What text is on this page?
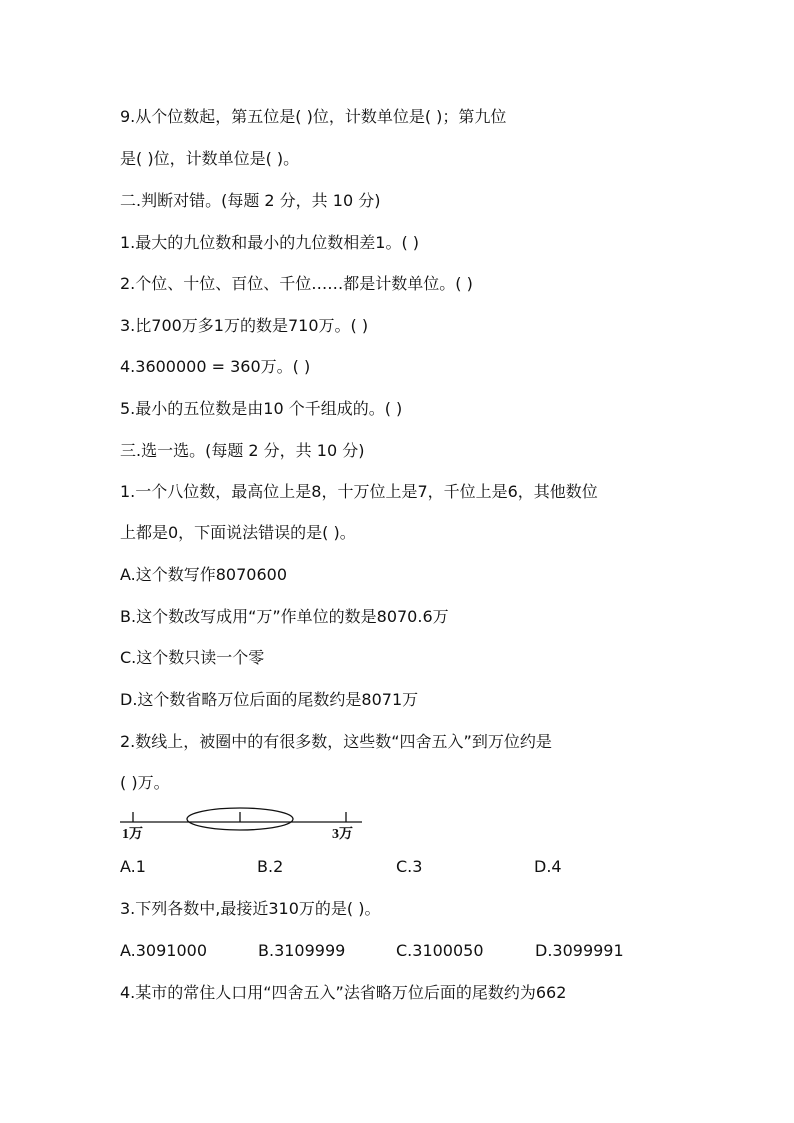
9.从个位数起，第五位是( )位，计数单位是( )；第九位
是( )位，计数单位是( )。
二.判断对错。(每题 2 分，共 10 分)
1.最大的九位数和最小的九位数相差1。( )
2.个位、十位、百位、千位……都是计数单位。( )
3.比700万多1万的数是710万。( )
4.3600000 = 360万。( )
5.最小的五位数是由10 个千组成的。( )
三.选一选。(每题 2 分，共 10 分)
1.一个八位数，最高位上是8，十万位上是7，千位上是6，其他数位
上都是0，下面说法错误的是( )。
A.这个数写作8070600
B.这个数改写成用“万”作单位的数是8070.6万
C.这个数只读一个零
D.这个数省略万位后面的尾数约是8071万
2.数线上，被圈中的有很多数，这些数“四舍五入”到万位约是
( )万。
1万	3万
A.1	B.2	C.3	D.4
3.下列各数中,最接近310万的是( )。
A.3091000	B.3109999	C.3100050	D.3099991
4.某市的常住人口用“四舍五入”法省略万位后面的尾数约为662
